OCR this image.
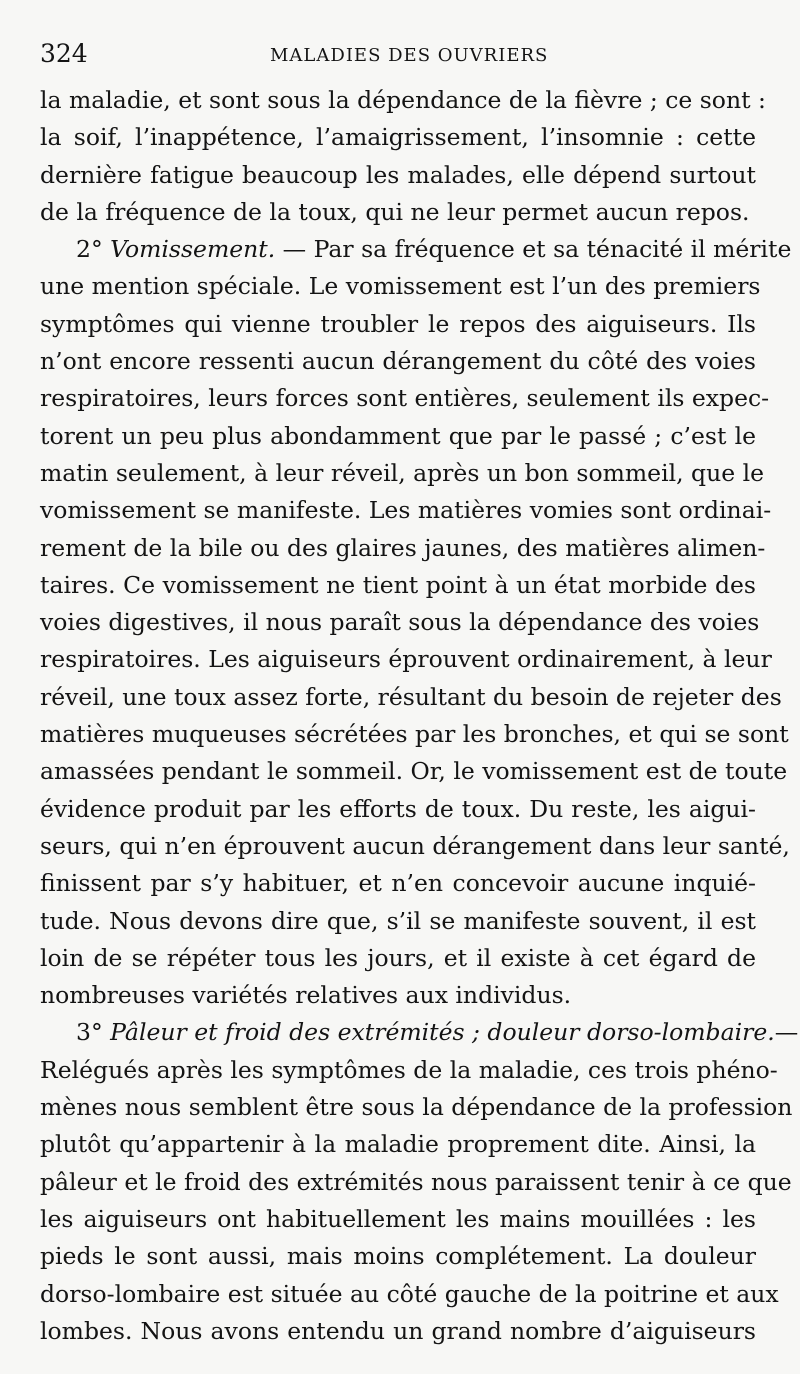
324	MALADIES DES OUVRIERS
la maladie, et sont sous la dépendance de la fièvre ; ce sont :
la soif, l’inappétence, l’amaigrissement, l’insomnie : cette
dernière fatigue beaucoup les malades, elle dépend surtout
de la fréquence de la toux, qui ne leur permet aucun repos.
2° Vomissement. — Par sa fréquence et sa ténacité il mérite
une mention spéciale. Le vomissement est l’un des premiers
symptômes qui vienne troubler le repos des aiguiseurs. Ils
n’ont encore ressenti aucun dérangement du côté des voies
respiratoires, leurs forces sont entières, seulement ils expec-
torent un peu plus abondamment que par le passé ; c’est le
matin seulement, à leur réveil, après un bon sommeil, que le
vomissement se manifeste. Les matières vomies sont ordinai-
rement de la bile ou des glaires jaunes, des matières alimen-
taires. Ce vomissement ne tient point à un état morbide des
voies digestives, il nous paraît sous la dépendance des voies
respiratoires. Les aiguiseurs éprouvent ordinairement, à leur
réveil, une toux assez forte, résultant du besoin de rejeter des
matières muqueuses sécrétées par les bronches, et qui se sont
amassées pendant le sommeil. Or, le vomissement est de toute
évidence produit par les efforts de toux. Du reste, les aigui-
seurs, qui n’en éprouvent aucun dérangement dans leur santé,
finissent par s’y habituer, et n’en concevoir aucune inquié-
tude. Nous devons dire que, s’il se manifeste souvent, il est
loin de se répéter tous les jours, et il existe à cet égard de
nombreuses variétés relatives aux individus.
3° Pâleur et froid des extrémités ; douleur dorso-lombaire.—
Relégués après les symptômes de la maladie, ces trois phéno-
mènes nous semblent être sous la dépendance de la profession
plutôt qu’appartenir à la maladie proprement dite. Ainsi, la
pâleur et le froid des extrémités nous paraissent tenir à ce que
les aiguiseurs ont habituellement les mains mouillées : les
pieds le sont aussi, mais moins complétement. La douleur
dorso-lombaire est située au côté gauche de la poitrine et aux
lombes. Nous avons entendu un grand nombre d’aiguiseurs
